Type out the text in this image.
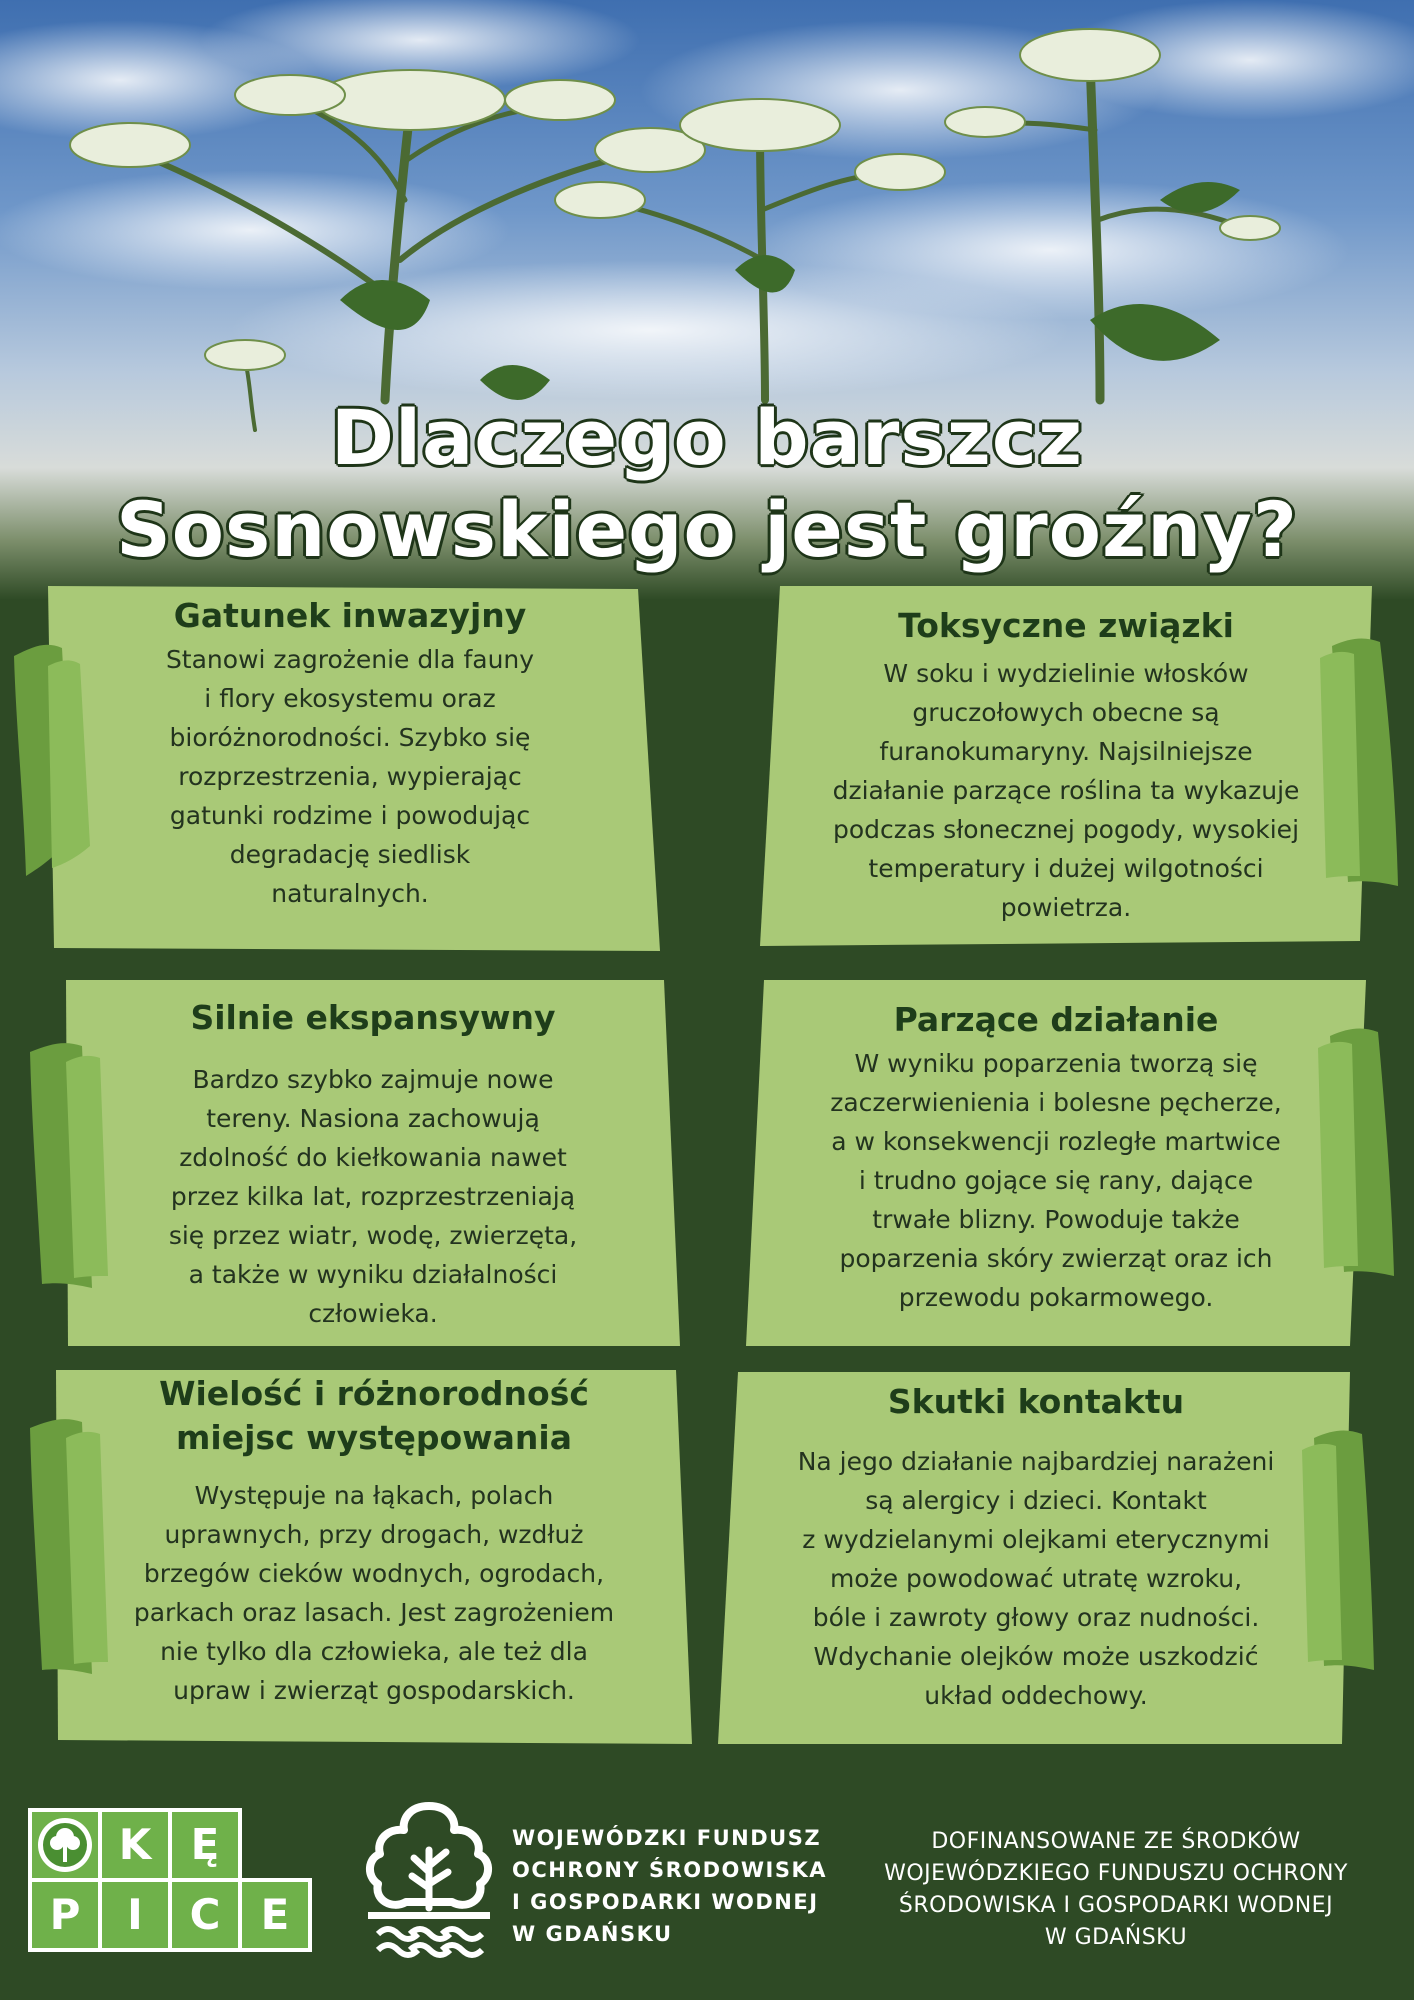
Dlaczego barszcz
Sosnowskiego jest groźny?
Gatunek inwazyjny

Stanowi zagrożenie dla fauny
i flory ekosystemu oraz
bioróżnorodności. Szybko się
rozprzestrzenia, wypierając
gatunki rodzime i powodując
degradację siedlisk
naturalnych.

Toksyczne związki

W soku i wydzielinie włosków
gruczołowych obecne są
furanokumaryny. Najsilniejsze
działanie parzące roślina ta wykazuje
podczas słonecznej pogody, wysokiej
temperatury i dużej wilgotności
powietrza.

Silnie ekspansywny

Bardzo szybko zajmuje nowe
tereny. Nasiona zachowują
zdolność do kiełkowania nawet
przez kilka lat, rozprzestrzeniają
się przez wiatr, wodę, zwierzęta,
a także w wyniku działalności
człowieka.

Parzące działanie

W wyniku poparzenia tworzą się
zaczerwienienia i bolesne pęcherze,
a w konsekwencji rozległe martwice
i trudno gojące się rany, dające
trwałe blizny. Powoduje także
poparzenia skóry zwierząt oraz ich
przewodu pokarmowego.

Wielość i różnorodność
miejsc występowania

Występuje na łąkach, polach
uprawnych, przy drogach, wzdłuż
brzegów cieków wodnych, ogrodach,
parkach oraz lasach. Jest zagrożeniem
nie tylko dla człowieka, ale też dla
upraw i zwierząt gospodarskich.

Skutki kontaktu

Na jego działanie najbardziej narażeni
są alergicy i dzieci. Kontakt
z wydzielanymi olejkami eterycznymi
może powodować utratę wzroku,
bóle i zawroty głowy oraz nudności.
Wdychanie olejków może uszkodzić
układ oddechowy.

K Ę
P	I	C E

WOJEWÓDZKI FUNDUSZ
OCHRONY ŚRODOWISKA
I GOSPODARKI WODNEJ
W GDAŃSKU

DOFINANSOWANE ZE ŚRODKÓW
WOJEWÓDZKIEGO FUNDUSZU OCHRONY
ŚRODOWISKA I GOSPODARKI WODNEJ
W GDAŃSKU
